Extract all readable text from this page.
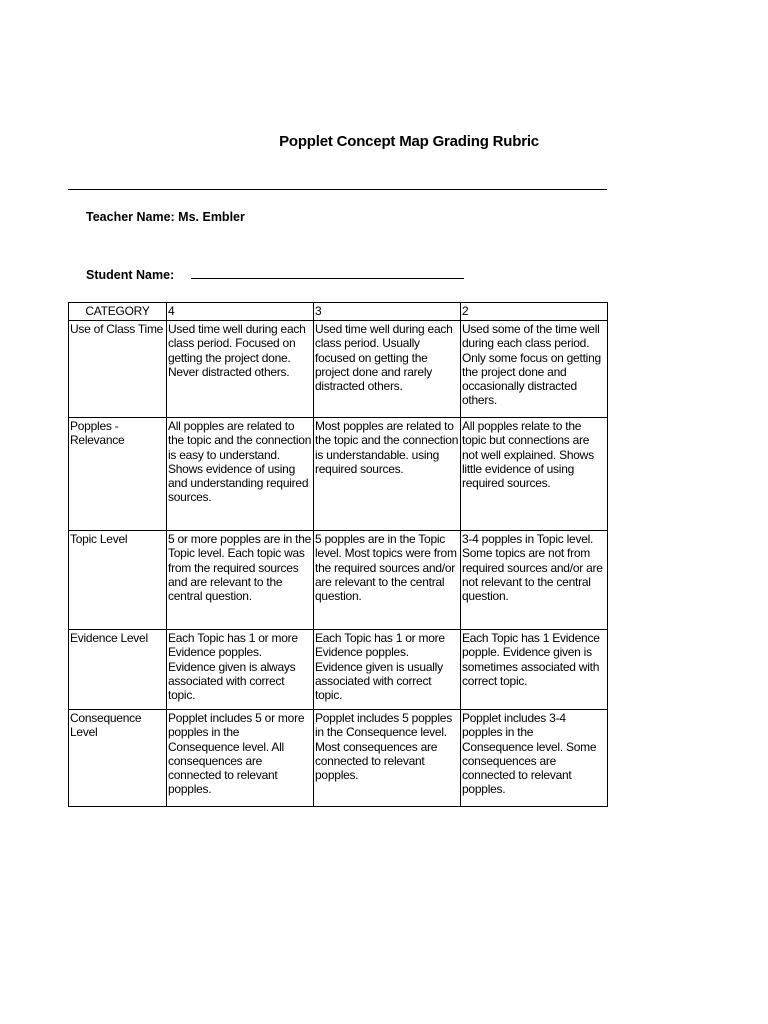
Popplet Concept Map Grading Rubric
Teacher Name: Ms. Embler
Student Name:
CATEGORY	4	3	2
Use of Class Time	Used time well during each class period. Focused on getting the project done. Never distracted others.	Used time well during each class period. Usually focused on getting the project done and rarely distracted others.	Used some of the time well during each class period. Only some focus on getting the project done and occasionally distracted others.
Popples - Relevance	All popples are related to the topic and the connection is easy to understand. Shows evidence of using and understanding required sources.	Most popples are related to the topic and the connection is understandable. using required sources.	All popples relate to the topic but connections are not well explained. Shows little evidence of using required sources.
Topic Level	5 or more popples are in the Topic level. Each topic was from the required sources and are relevant to the central question.	5 popples are in the Topic level. Most topics were from the required sources and/or are relevant to the central question.	3-4 popples in Topic level. Some topics are not from required sources and/or are not relevant to the central question.
Evidence Level	Each Topic has 1 or more Evidence popples. Evidence given is always associated with correct topic.	Each Topic has 1 or more Evidence popples. Evidence given is usually associated with correct topic.	Each Topic has 1 Evidence popple. Evidence given is sometimes associated with correct topic.
Consequence Level	Popplet includes 5 or more popples in the Consequence level. All consequences are connected to relevant popples.	Popplet includes 5 popples in the Consequence level. Most consequences are connected to relevant popples.	Popplet includes 3-4 popples in the Consequence level. Some consequences are connected to relevant popples.
